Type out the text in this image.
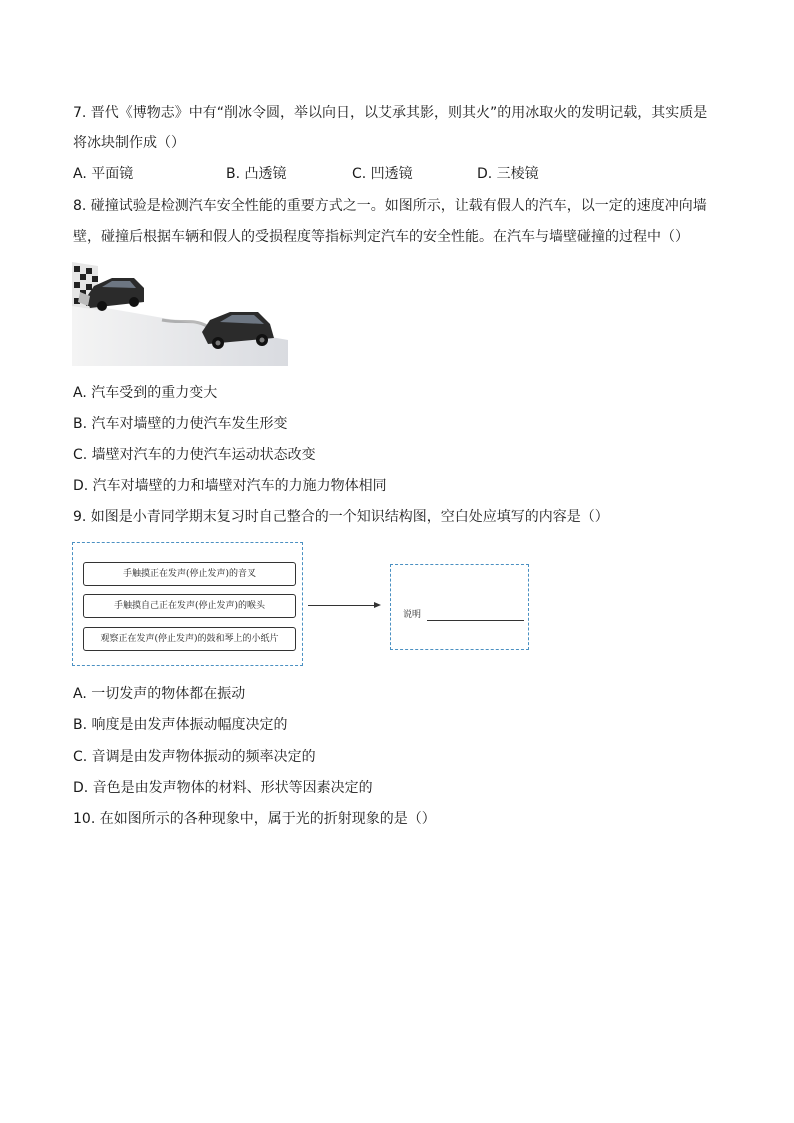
7. 晋代《博物志》中有“削冰令圆，举以向日，以艾承其影，则其火”的用冰取火的发明记载，其实质是
将冰块制作成（）
A. 平面镜	B. 凸透镜	C. 凹透镜	D. 三棱镜
8. 碰撞试验是检测汽车安全性能的重要方式之一。如图所示，让载有假人的汽车，以一定的速度冲向墙
壁，碰撞后根据车辆和假人的受损程度等指标判定汽车的安全性能。在汽车与墙壁碰撞的过程中（）
A. 汽车受到的重力变大
B. 汽车对墙壁的力使汽车发生形变
C. 墙壁对汽车的力使汽车运动状态改变
D. 汽车对墙壁的力和墙壁对汽车的力施力物体相同
9. 如图是小青同学期末复习时自己整合的一个知识结构图，空白处应填写的内容是（）
手触摸正在发声(停止发声)的音叉
手触摸自己正在发声(停止发声)的喉头
观察正在发声(停止发声)的鼓和琴上的小纸片
说明
A. 一切发声的物体都在振动
B. 响度是由发声体振动幅度决定的
C. 音调是由发声物体振动的频率决定的
D. 音色是由发声物体的材料、形状等因素决定的
10. 在如图所示的各种现象中，属于光的折射现象的是（）
